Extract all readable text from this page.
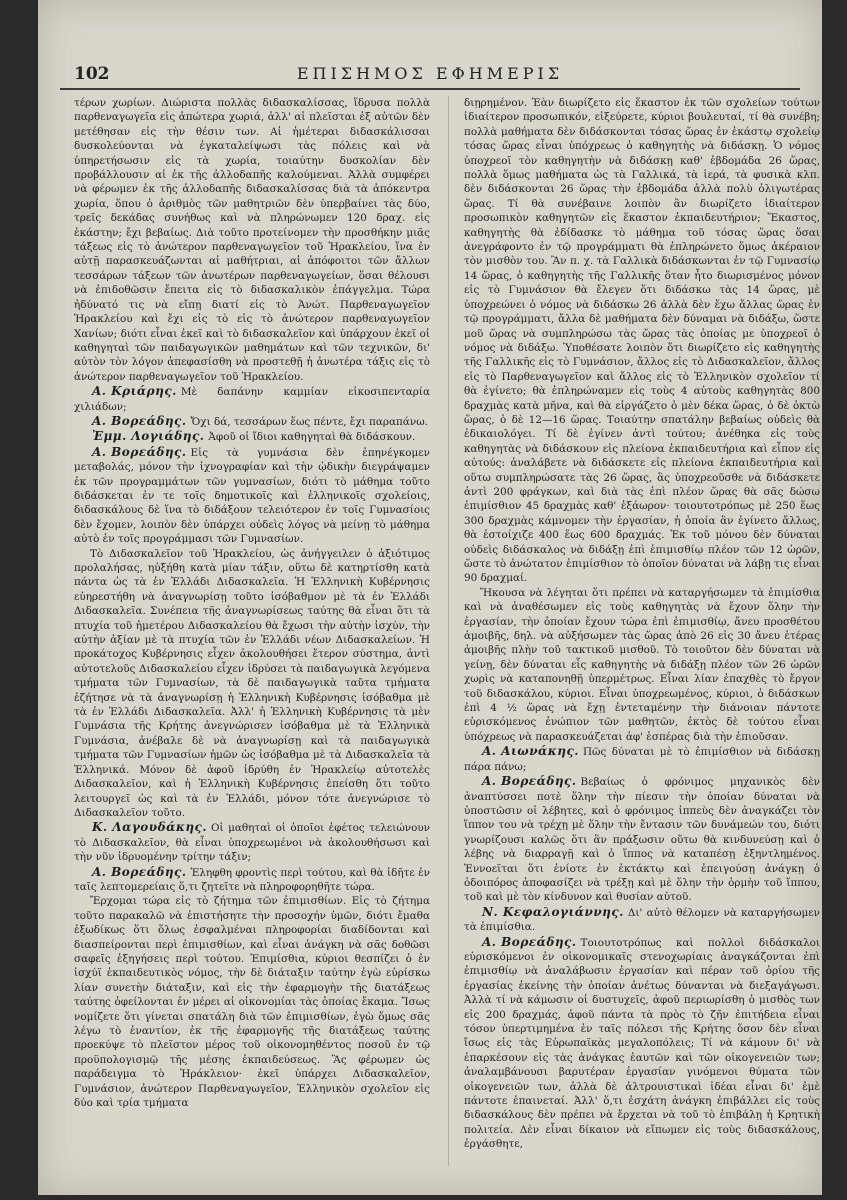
102	ΕΠΙΣΗΜΟΣ ΕΦΗΜΕΡΙΣ

τέρων χωρίων. Διώριστα πολλὰς διδασκαλίσσας, ἵδρυσα πολλὰ παρθεναγωγεῖα εἰς ἀπώτερα χωριά, ἀλλ' αἱ πλεῖσται ἐξ αὐτῶν δὲν μετέθησαν εἰς τὴν θέσιν των. Αἱ ἡμέτεραι διδασκάλισσαι δυσκολεύονται νὰ ἐγκαταλείψωσι τὰς πόλεις καὶ νὰ ὑπηρετήσωσιν εἰς τὰ χωρία, τοιαύτην δυσκολίαν δὲν προβάλλουσιν αἱ ἐκ τῆς ἀλλοδαπῆς καλούμεναι. Ἀλλὰ συμφέρει νὰ φέρωμεν ἐκ τῆς ἀλλοδαπῆς διδασκαλίσσας διὰ τὰ ἀπόκεντρα χωρία, ὅπου ὁ ἀριθμὸς τῶν μαθητριῶν δὲν ὑπερβαίνει τὰς δύο, τρεῖς δεκάδας συνήθως καὶ νὰ πληρώνωμεν 120 δραχ. εἰς ἑκάστην; ἔχι βεβαίως. Διὰ τοῦτο προτείνομεν τὴν προσθήκην μιᾶς τάξεως εἰς τὸ ἀνώτερον παρθεναγωγεῖον τοῦ Ἡρακλείου, ἵνα ἐν αὐτῇ παρασκευάζωνται αἱ μαθήτριαι, αἱ ἀπόφοιτοι τῶν ἄλλων τεσσάρων τάξεων τῶν ἀνωτέρων παρθεναγωγείων, ὅσαι θέλουσι νὰ ἐπιδοθῶσιν ἔπειτα εἰς τὸ διδασκαλικὸν ἐπάγγελμα. Τώρα ἠδύνατό τις νὰ εἴπῃ διατί εἰς τὸ Ἀνώτ. Παρθεναγωγεῖον Ἡρακλείου καὶ ἔχι εἰς τὸ εἰς τὸ ἀνώτερον παρθεναγωγεῖον Χανίων; διότι εἶναι ἐκεῖ καὶ τὸ διδασκαλεῖον καὶ ὑπάρχουν ἐκεῖ οἱ καθηγηταὶ τῶν παιδαγωγικῶν μαθημάτων καὶ τῶν τεχνικῶν, δι' αὐτὸν τὸν λόγον ἀπεφασίσθη νὰ προστεθῇ ἡ ἀνωτέρα τάξις εἰς τὸ ἀνώτερον παρθεναγωγεῖον τοῦ Ἡρακλείου.

Α. Κριάρης. Μὲ δαπάνην καμμίαν εἰκοσιπενταρία χιλιάδων;

Α. Βορεάδης. Ὄχι δά, τεσσάρων ἕως πέντε, ἔχι παραπάνω.

Ἐμμ. Λογιάδης. Ἀφοῦ οἱ ἴδιοι καθηγηταὶ θὰ διδάσκουν.

Α. Βορεάδης. Εἰς τὰ γυμνάσια δὲν ἐπηνέγκομεν μεταβολάς, μόνον τὴν ἰχνογραφίαν καὶ τὴν ᾠδικὴν διεγράψαμεν ἐκ τῶν προγραμμάτων τῶν γυμνασίων, διότι τὸ μάθημα τοῦτο διδάσκεται ἐν τε τοῖς δημοτικοῖς καὶ ἑλληνικοῖς σχολείοις, διδασκάλους δὲ ἵνα τὸ διδάξουν τελειότερον ἐν τοῖς Γυμνασίοις δὲν ἔχομεν, λοιπὸν δὲν ὑπάρχει οὐδεὶς λόγος νὰ μείνῃ τὸ μάθημα αὐτὸ ἐν τοῖς προγράμμασι τῶν Γυμνασίων.

Τὸ Διδασκαλεῖον τοῦ Ἡρακλείου, ὡς ἀνήγγειλεν ὁ ἀξιότιμος προλαλήσας, ηὐξήθη κατὰ μίαν τάξιν, οὕτω δὲ κατηρτίσθη κατὰ πάντα ὡς τὰ ἐν Ἑλλάδι Διδασκαλεῖα. Ἡ Ἑλληνικὴ Κυβέρνησις εὐηρεστήθη νὰ ἀναγνωρίσῃ τοῦτο ἰσόβαθμον μὲ τὰ ἐν Ἑλλάδι Διδασκαλεῖα. Συνέπεια τῆς ἀναγνωρίσεως ταύτης θὰ εἶναι ὅτι τὰ πτυχία τοῦ ἡμετέρου Διδασκαλείου θὰ ἔχωσι τὴν αὐτὴν ἰσχύν, τὴν αὐτὴν ἀξίαν μὲ τὰ πτυχία τῶν ἐν Ἑλλάδι νέων Διδασκαλείων. Ἡ προκάτοχος Κυβέρνησις εἶχεν ἀκολουθήσει ἕτερον σύστημα, ἀντὶ αὐτοτελοῦς Διδασκαλείου εἶχεν ἱδρύσει τὰ παιδαγωγικὰ λεγόμενα τμήματα τῶν Γυμνασίων, τὰ δὲ παιδαγωγικὰ ταῦτα τμήματα ἐζήτησε νὰ τὰ ἀναγνωρίσῃ ἡ Ἑλληνικὴ Κυβέρνησις ἰσόβαθμα μὲ τὰ ἐν Ἑλλάδι Διδασκαλεῖα. Ἀλλ' ἡ Ἑλληνικὴ Κυβέρνησις τὰ μὲν Γυμνάσια τῆς Κρήτης ἀνεγνώρισεν ἰσόβαθμα μὲ τὰ Ἑλληνικὰ Γυμνάσια, ἀνέβαλε δὲ νὰ ἀναγνωρίσῃ καὶ τὰ παιδαγωγικὰ τμήματα τῶν Γυμνασίων ἡμῶν ὡς ἰσόβαθμα μὲ τὰ Διδασκαλεῖα τὰ Ἑλληνικά. Μόνον δὲ ἀφοῦ ἱδρύθη ἐν Ἡρακλείῳ αὐτοτελὲς Διδασκαλεῖον, καὶ ἡ Ἑλληνικὴ Κυβέρνησις ἐπείσθη ὅτι τοῦτο λειτουργεῖ ὡς καὶ τὰ ἐν Ἑλλάδι, μόνον τότε ἀνεγνώρισε τὸ Διδασκαλεῖον τοῦτο.

Κ. Λαγουδάκης. Οἱ μαθηταὶ οἱ ὁποῖοι ἐφέτος τελειώνουν τὸ Διδασκαλεῖον, θὰ εἶναι ὑποχρεωμένοι νὰ ἀκολουθήσωσι καὶ τὴν νῦν ἱδρυομένην τρίτην τάξιν;

Α. Βορεάδης. Ἐληφθη φροντὶς περὶ τούτου, καὶ θὰ ἰδῆτε ἐν ταῖς λεπτομερείαις ὅ,τι ζητεῖτε νὰ πληροφορηθῆτε τώρα.

Ἔρχομαι τώρα εἰς τὸ ζήτημα τῶν ἐπιμισθίων. Εἰς τὸ ζήτημα τοῦτο παρακαλῶ νὰ ἐπιστήσητε τὴν προσοχήν ὑμῶν, διότι ἔμαθα ἐξωδίκως ὅτι ὅλως ἐσφαλμέναι πληροφορίαι διαδίδονται καὶ διασπείρονται περὶ ἐπιμισθίων, καὶ εἶναι ἀνάγκη νὰ σᾶς δοθῶσι σαφεῖς ἐξηγήσεις περὶ τούτου. Ἐπιμίσθια, κύριοι θεσπίζει ὁ ἐν ἰσχύϊ ἐκπαιδευτικὸς νόμος, τὴν δὲ διάταξιν ταύτην ἐγὼ εὑρίσκω λίαν συνετὴν διάταξιν, καὶ εἰς τὴν ἐφαρμογὴν τῆς διατάξεως ταύτης ὀφείλονται ἐν μέρει αἱ οἰκονομίαι τὰς ὁποίας ἔκαμα. Ἴσως νομίζετε ὅτι γίνεται σπατάλη διὰ τῶν ἐπιμισθίων, ἐγὼ ὅμως σᾶς λέγω τὸ ἐναντίον, ἐκ τῆς ἐφαρμογῆς τῆς διατάξεως ταύτης προεκύψε τὸ πλεῖστον μέρος τοῦ οἰκονομηθέντος ποσοῦ ἐν τῷ προϋπολογισμῷ τῆς μέσης ἐκπαιδεύσεως. Ἂς φέρωμεν ὡς παράδειγμα τὸ Ἡράκλειον· ἐκεῖ ὑπάρχει Διδασκαλεῖον, Γυμνάσιον, ἀνώτερον Παρθεναγωγεῖον, Ἑλληνικὸν σχολεῖον εἰς δύο καὶ τρία τμήματα

διῃρημένον. Ἐὰν διωρίζετο εἰς ἕκαστον ἐκ τῶν σχολείων τούτων ἰδιαίτερον προσωπικόν, εἰξεύρετε, κύριοι βουλευταί, τί θὰ συνέβη; πολλὰ μαθήματα δὲν διδάσκονται τόσας ὥρας ἐν ἑκάστῳ σχολείῳ τόσας ὥρας εἶναι ὑπόχρεως ὁ καθηγητὴς νὰ διδάσκῃ. Ὁ νόμος ὑποχρεοῖ τὸν καθηγητὴν νὰ διδάσκῃ καθ' ἑβδομάδα 26 ὥρας, πολλὰ ὅμως μαθήματα ὡς τὰ Γαλλικά, τὰ ἱερά, τὰ φυσικὰ κλπ. δὲν διδάσκονται 26 ὥρας τὴν ἑβδομάδα ἀλλὰ πολὺ ὀλιγωτέρας ὥρας. Τί θὰ συνέβαινε λοιπὸν ἂν διωρίζετο ἰδιαίτερον προσωπικὸν καθηγητῶν εἰς ἕκαστον ἐκπαιδευτήριον; Ἕκαστος, καθηγητὴς θὰ ἐδίδασκε τὸ μάθημα τοῦ τόσας ὥρας ὅσαι ἀνεγράφοντο ἐν τῷ προγράμματι θὰ ἐπληρώνετο ὅμως ἀκέραιον τὸν μισθὸν του. Ἂν π. χ. τὰ Γαλλικὰ διδάσκωνται ἐν τῷ Γυμνασίῳ 14 ὥρας, ὁ καθηγητὴς τῆς Γαλλικῆς ὅταν ἦτο διωρισμένος μόνον εἰς τὸ Γυμνάσιον θὰ ἔλεγεν ὅτι διδάσκω τὰς 14 ὥρας, μὲ ὑποχρεώνει ὁ νόμος νὰ διδάσκω 26 ἀλλὰ δὲν ἔχω ἄλλας ὥρας ἐν τῷ προγράμματι, ἄλλα δὲ μαθήματα δὲν δύναμαι νὰ διδάξω, ὥστε μοῦ ὥρας νὰ συμπληρώσω τὰς ὥρας τὰς ὁποίας με ὑποχρεοῖ ὁ νόμος νὰ διδάξω. Ὑποθέσατε λοιπὸν ὅτι διωρίζετο εἰς καθηγητὴς τῆς Γαλλικῆς εἰς τὸ Γυμνάσιον, ἄλλος εἰς τὸ Διδασκαλεῖον, ἄλλος εἰς τὸ Παρθεναγωγεῖον καὶ ἄλλος εἰς τὸ Ἑλληνικὸν σχολεῖον τί θὰ ἐγίνετο; θὰ ἐπληρώναμεν εἰς τοὺς 4 αὐτοὺς καθηγητὰς 800 δραχμὰς κατὰ μῆνα, καὶ θὰ εἰργάζετο ὁ μὲν δέκα ὥρας, ὁ δὲ ὀκτὼ ὥρας, ὁ δὲ 12—16 ὥρας. Τοιαύτην σπατάλην βεβαίως οὐδεὶς θὰ ἐδικαιολόγει. Τί δὲ ἐγίνεν ἀντὶ τούτου; ἀνέθηκα εἰς τοὺς καθηγητὰς νὰ διδάσκουν εἰς πλείονα ἐκπαιδευτήρια καὶ εἶπον εἰς αὐτούς: ἀναλάβετε νὰ διδάσκετε εἰς πλείονα ἐκπαιδευτήρια καὶ οὕτω συμπληρώσατε τὰς 26 ὥρας, ἃς ὑποχρεοῦσθε νὰ διδάσκετε ἀντὶ 200 φράγκων, καὶ διὰ τὰς ἐπὶ πλέον ὥρας θὰ σᾶς δώσω ἐπιμίσθιον 45 δραχμὰς καθ' ἑξάωρον· τοιουτοτρόπως μὲ 250 ἕως 300 δραχμὰς κάμνομεν τὴν ἐργασίαν, ἡ ὁποία ἂν ἐγίνετο ἄλλως, θὰ ἐστοίχιζε 400 ἕως 600 δραχμάς. Ἐκ τοῦ μόνου δὲν δύναται οὐδεὶς διδάσκαλος νὰ διδάξῃ ἐπὶ ἐπιμισθίῳ πλέον τῶν 12 ὡρῶν, ὥστε τὸ ἀνώτατον ἐπιμίσθιον τὸ ὁποῖον δύναται νὰ λάβῃ τις εἶναι 90 δραχμαί.

Ἤκουσα νὰ λέγηται ὅτι πρέπει νὰ καταργήσωμεν τὰ ἐπιμίσθια καὶ νὰ ἀναθέσωμεν εἰς τοὺς καθηγητὰς νὰ ἔχουν ὅλην τὴν ἐργασίαν, τὴν ὁποίαν ἔχουν τώρα ἐπὶ ἐπιμισθίῳ, ἄνευ προσθέτου ἀμοιβῆς, δηλ. νὰ αὐξήσωμεν τὰς ὥρας ἀπὸ 26 εἰς 30 ἄνευ ἑτέρας ἀμοιβῆς πλὴν τοῦ τακτικοῦ μισθοῦ. Τὸ τοιοῦτον δὲν δύναται νὰ γείνῃ, δὲν δύναται εἷς καθηγητὴς νὰ διδάξῃ πλέον τῶν 26 ὡρῶν χωρὶς νὰ καταπονηθῇ ὑπερμέτρως. Εἶναι λίαν ἐπαχθὲς τὸ ἔργον τοῦ διδασκάλου, κύριοι. Εἶναι ὑποχρεωμένος, κύριοι, ὁ διδάσκων ἐπὶ 4 ½ ὥρας νὰ ἔχῃ ἐντεταμένην τὴν διάνοιαν πάντοτε εὑρισκόμενος ἐνώπιον τῶν μαθητῶν, ἐκτὸς δὲ τούτου εἶναι ὑπόχρεως νὰ παρασκευάζεται ἀφ' ἑσπέρας διὰ τὴν ἐπιοῦσαν.

Α. Αιωνάκης. Πῶς δύναται μὲ τὸ ἐπιμίσθιον νὰ διδάσκῃ πάρα πάνω;

Α. Βορεάδης. Βεβαίως ὁ φρόνιμος μηχανικὸς δὲν ἀναπτύσσει ποτὲ ὅλην τὴν πίεσιν τὴν ὁποίαν δύναται νὰ ὑποστῶσιν οἱ λέβητες, καὶ ὁ φρόνιμος ἱππεὺς δὲν ἀναγκάζει τὸν ἵππον του νὰ τρέχῃ μὲ ὅλην τὴν ἔντασιν τῶν δυνάμεών του, διότι γνωρίζουσι καλῶς ὅτι ἂν πράξωσιν οὕτω θὰ κινδυνεύσῃ καὶ ὁ λέβης νὰ διαρραγῇ καὶ ὁ ἵππος νὰ καταπέσῃ ἐξηντλημένος. Ἐννοεῖται ὅτι ἐνίοτε ἐν ἐκτάκτῳ καὶ ἐπειγούσῃ ἀνάγκῃ ὁ ὁδοιπόρος ἀποφασίζει νὰ τρέξῃ καὶ μὲ ὅλην τὴν ὁρμὴν τοῦ ἵππου, τοῦ καὶ μὲ τὸν κίνδυνον καὶ θυσίαν αὐτοῦ.

Ν. Κεφαλογιάννης. Δι' αὐτὸ θέλομεν νὰ καταργήσωμεν τὰ ἐπιμίσθια.

Α. Βορεάδης. Τοιουτοτρόπως καὶ πολλοὶ διδάσκαλοι εὑρισκόμενοι ἐν οἰκονομικαῖς στενοχωρίαις ἀναγκάζονται ἐπὶ ἐπιμισθίῳ νὰ ἀναλάβωσιν ἐργασίαν καὶ πέραν τοῦ ὁρίου τῆς ἐργασίας ἐκείνης τὴν ὁποίαν ἀνέτως δύνανται νὰ διεξαγάγωσι. Ἀλλὰ τί νὰ κάμωσιν οἱ δυστυχεῖς, ἀφοῦ περιωρίσθη ὁ μισθὸς των εἰς 200 δραχμάς, ἀφοῦ πάντα τὰ πρὸς τὸ ζῆν ἐπιτήδεια εἶναι τόσον ὑπερτιμημένα ἐν ταῖς πόλεσι τῆς Κρήτης ὅσον δὲν εἶναι ἴσως εἰς τὰς Εὐρωπαϊκὰς μεγαλοπόλεις; Τί νὰ κάμουν δι' νὰ ἐπαρκέσουν εἰς τὰς ἀνάγκας ἑαυτῶν καὶ τῶν οἰκογενειῶν των; ἀναλαμβάνουσι βαρυτέραν ἐργασίαν γινόμενοι θύματα τῶν οἰκογενειῶν των, ἀλλὰ δὲ ἀλτρουιστικαὶ ἰδέαι εἶναι δι' ἐμὲ πάντοτε ἐπαινεταί. Ἀλλ' ὅ,τι ἐσχάτη ἀνάγκη ἐπιβάλλει εἰς τοὺς διδασκάλους δὲν πρέπει νὰ ἔρχεται νὰ τοῦ τὸ ἐπιβάλῃ ἡ Κρητικὴ πολιτεία. Δὲν εἶναι δίκαιον νὰ εἴπωμεν εἰς τοὺς διδασκάλους, ἐργάσθητε,
